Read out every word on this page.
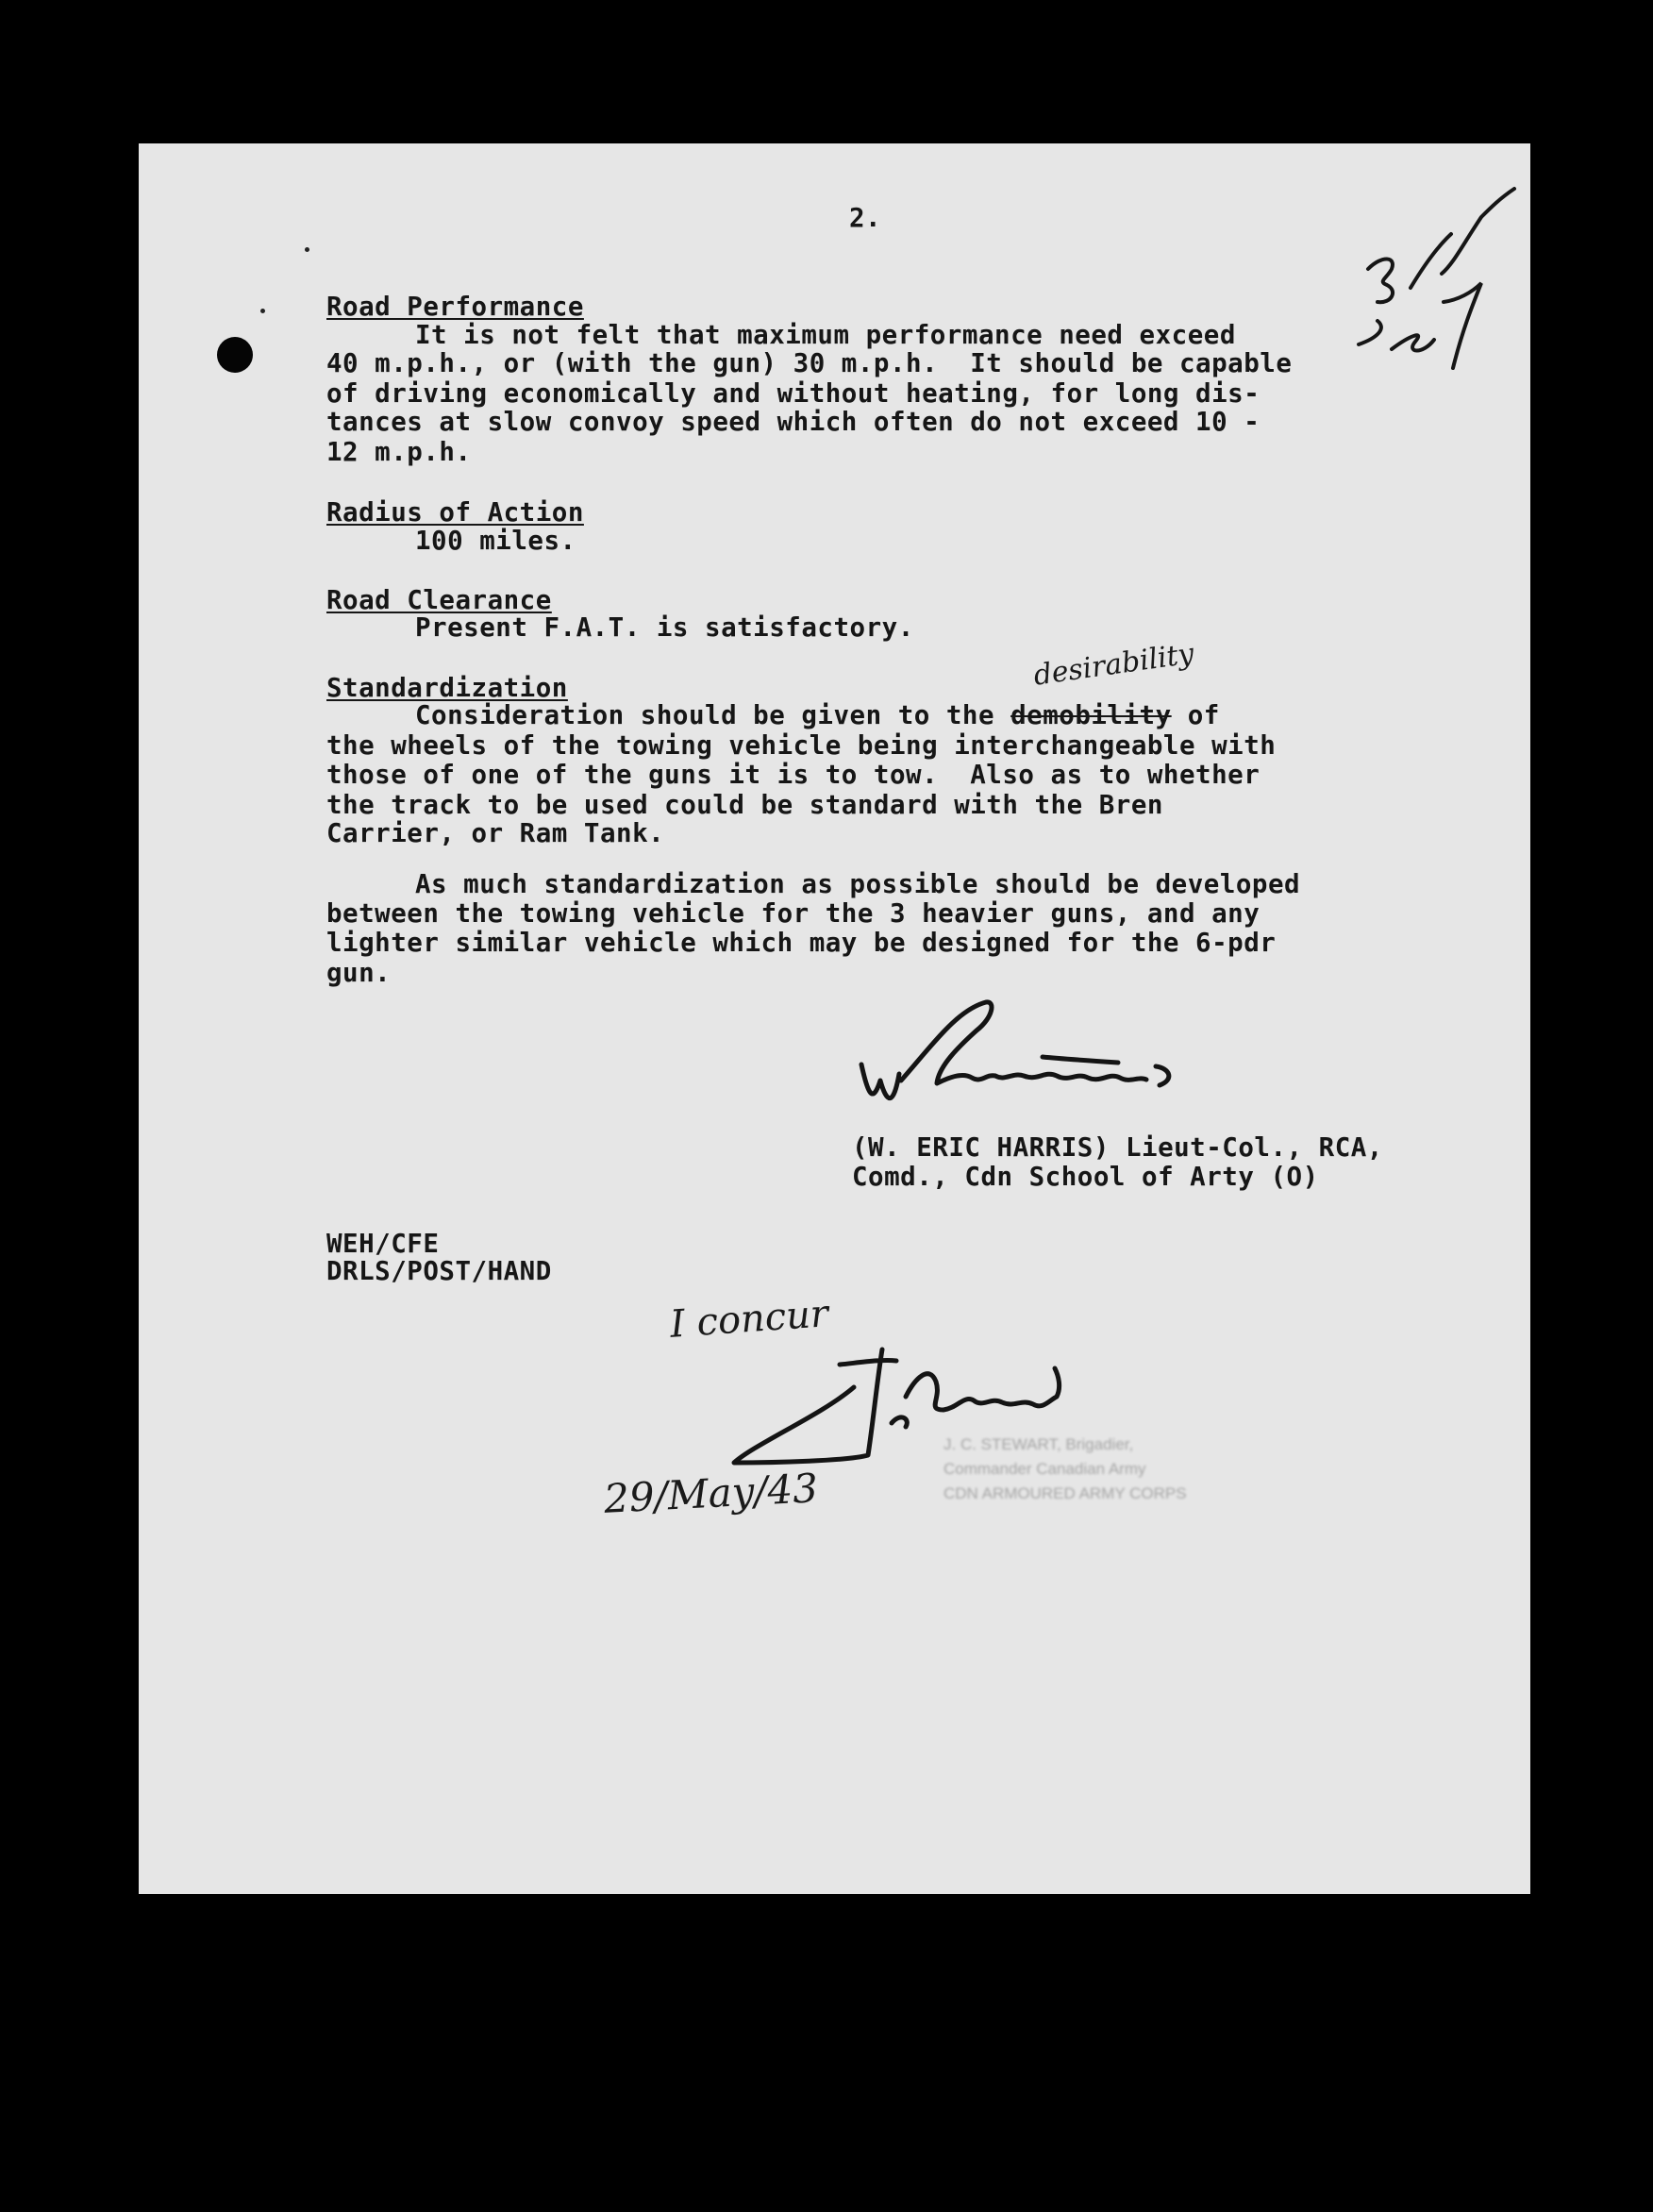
2.
Road Performance
It is not felt that maximum performance need exceed
40 m.p.h., or (with the gun) 30 m.p.h.  It should be capable
of driving economically and without heating, for long dis-
tances at slow convoy speed which often do not exceed 10 -
12 m.p.h.
Radius of Action
100 miles.
Road Clearance
Present F.A.T. is satisfactory.
Standardization	desirability
Consideration should be given to the demobility of
the wheels of the towing vehicle being interchangeable with
those of one of the guns it is to tow.  Also as to whether
the track to be used could be standard with the Bren
Carrier, or Ram Tank.
As much standardization as possible should be developed
between the towing vehicle for the 3 heavier guns, and any
lighter similar vehicle which may be designed for the 6-pdr
gun.
(W. ERIC HARRIS) Lieut-Col., RCA,
Comd., Cdn School of Arty (O)
WEH/CFE
DRLS/POST/HAND
I concur
29/May/43
J. C. STEWART, Brigadier,
Commander Canadian Army
CDN ARMOURED ARMY CORPS
